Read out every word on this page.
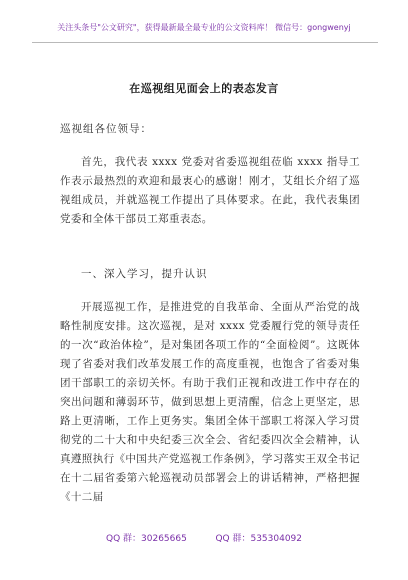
关注头条号"公文研究"，获得最新最全最专业的公文资料库！ 微信号：gongwenyj
在巡视组见面会上的表态发言
巡视组各位领导：

首先，我代表 xxxx 党委对省委巡视组莅临 xxxx 指导工作表示最热烈的欢迎和最衷心的感谢！刚才，艾组长介绍了巡视组成员，并就巡视工作提出了具体要求。在此，我代表集团党委和全体干部员工郑重表态。

一、深入学习，提升认识

开展巡视工作，是推进党的自我革命、全面从严治党的战略性制度安排。这次巡视，是对 xxxx 党委履行党的领导责任的一次“政治体检”，是对集团各项工作的“全面检阅”。这既体现了省委对我们改革发展工作的高度重视，也饱含了省委对集团干部职工的亲切关怀。有助于我们正视和改进工作中存在的突出问题和薄弱环节，做到思想上更清醒，信念上更坚定，思路上更清晰，工作上更务实。集团全体干部职工将深入学习贯彻党的二十大和中央纪委三次全会、省纪委四次全会精神，认真遵照执行《中国共产党巡视工作条例》，学习落实王双全书记在十二届省委第六轮巡视动员部署会上的讲话精神，严格把握《十二届

QQ 群：30265665	QQ 群：535304092
